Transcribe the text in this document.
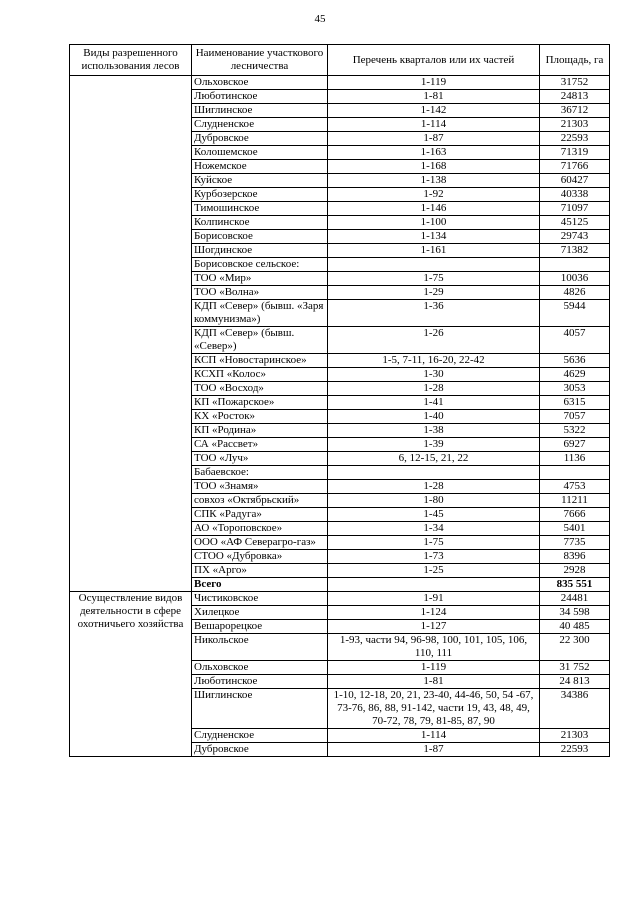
45
Виды разрешенного использования лесов	Наименование участкового лесничества	Перечень кварталов или их частей	Площадь, га
	Ольховское	1-119	31752
	Люботинское	1-81	24813
	Шиглинское	1-142	36712
	Слудненское	1-114	21303
	Дубровское	1-87	22593
	Колошемское	1-163	71319
	Ножемское	1-168	71766
	Куйское	1-138	60427
	Курбозерское	1-92	40338
	Тимошинское	1-146	71097
	Колпинское	1-100	45125
	Борисовское	1-134	29743
	Шогдинское	1-161	71382
	Борисовское сельское:		
	ТОО «Мир»	1-75	10036
	ТОО «Волна»	1-29	4826
	КДП «Север» (бывш. «Заря коммунизма»)	1-36	5944
	КДП «Север» (бывш. «Север»)	1-26	4057
	КСП «Новостаринское»	1-5, 7-11, 16-20, 22-42	5636
	КСХП «Колос»	1-30	4629
	ТОО «Восход»	1-28	3053
	КП «Пожарское»	1-41	6315
	КХ «Росток»	1-40	7057
	КП «Родина»	1-38	5322
	СА «Рассвет»	1-39	6927
	ТОО «Луч»	6, 12-15, 21, 22	1136
	Бабаевское:		
	ТОО «Знамя»	1-28	4753
	совхоз «Октябрьский»	1-80	11211
	СПК «Радуга»	1-45	7666
	АО «Тороповское»	1-34	5401
	ООО «АФ Северагро-газ»	1-75	7735
	СТОО «Дубровка»	1-73	8396
	ПХ «Арго»	1-25	2928
	Всего		835 551
Осуществление видов деятельности в сфере охотничьего хозяйства	Чистиковское	1-91	24481
	Хилецкое	1-124	34 598
	Вешарорецкое	1-127	40 485
	Никольское	1-93, части 94, 96-98, 100, 101, 105, 106, 110, 111	22 300
	Ольховское	1-119	31 752
	Люботинское	1-81	24 813
	Шиглинское	1-10, 12-18, 20, 21, 23-40, 44-46, 50, 54 -67, 73-76, 86, 88, 91-142, части 19, 43, 48, 49, 70-72, 78, 79, 81-85, 87, 90	34386
	Слудненское	1-114	21303
	Дубровское	1-87	22593
